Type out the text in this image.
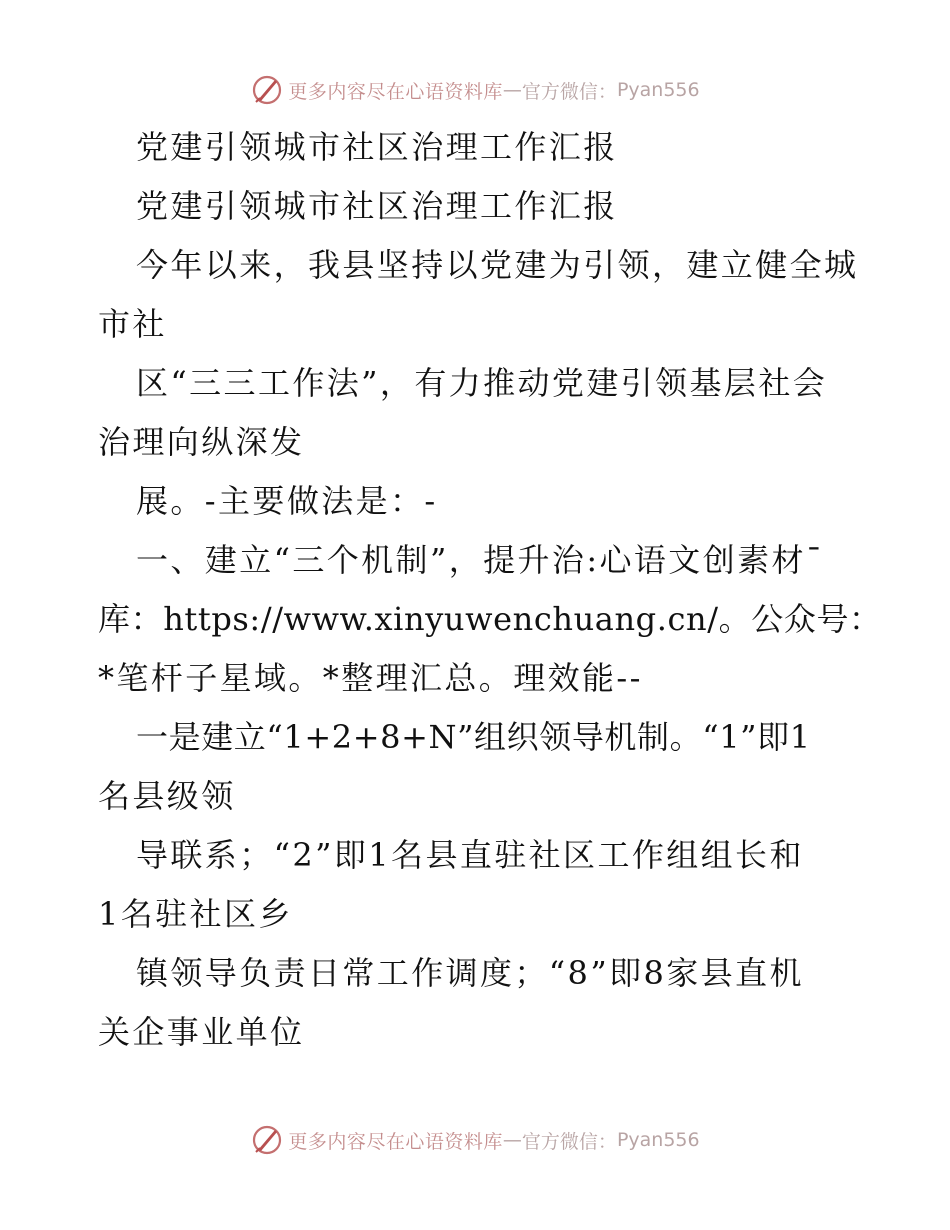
更多内容尽在心语资料库 — 官方微信： Pyan556
党建引领城市社区治理工作汇报
党建引领城市社区治理工作汇报
今年以来，我县坚持以党建为引领，建立健全城
市社
区“三三工作法”，有力推动党建引领基层社会
治理向纵深发
展。-主要做法是：-
一、建立“三个机制”，提升治:心语文创素材¯
库：https://www.xinyuwenchuang.cn/。公众号：
*笔杆子星域。*整理汇总。理效能--
一是建立“1+2+8+N”组织领导机制。“1”即1
名县级领
导联系；“2”即1名县直驻社区工作组组长和
1名驻社区乡
镇领导负责日常工作调度；“8”即8家县直机
关企事业单位
更多内容尽在心语资料库 — 官方微信： Pyan556
